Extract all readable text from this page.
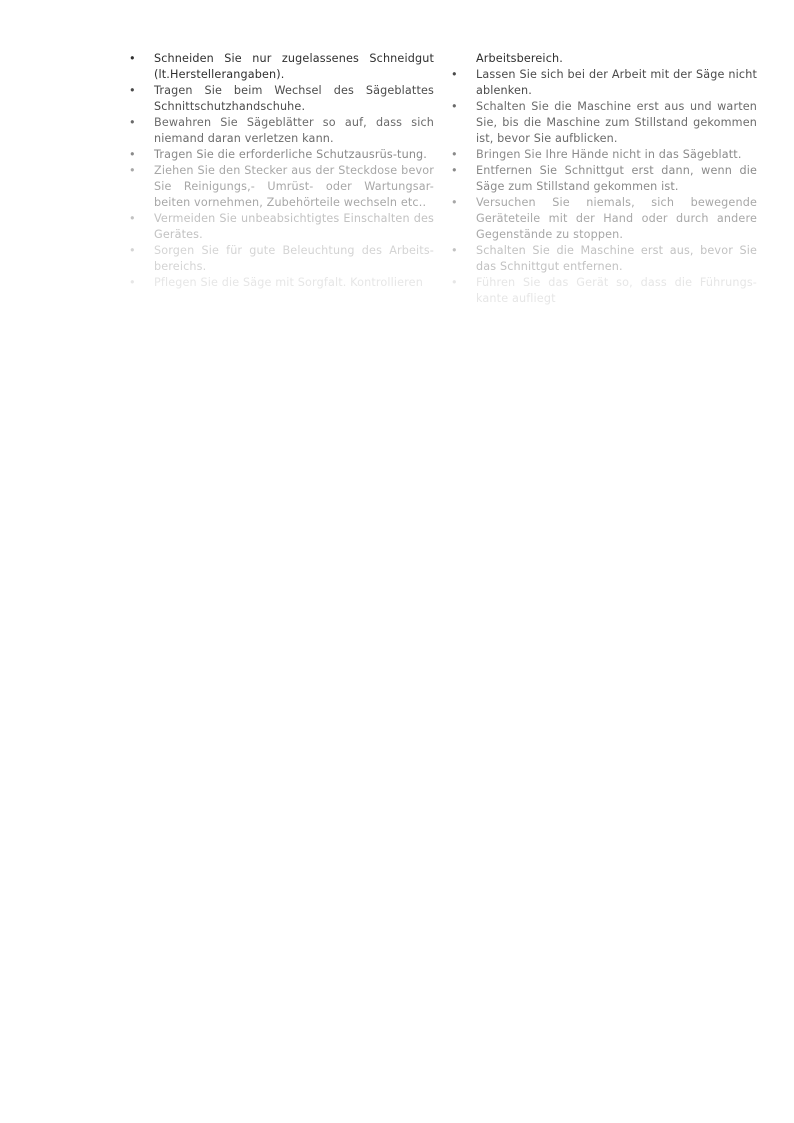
• Schneiden Sie nur zugelassenes Schneidgut (lt.Herstellerangaben).
• Tragen Sie beim Wechsel des Sägeblattes Schnittschutzhandschuhe.
• Bewahren Sie Sägeblätter so auf, dass sich niemand daran verletzen kann.
• Tragen Sie die erforderliche Schutzausrüs-tung.
• Ziehen Sie den Stecker aus der Steckdose bevor Sie Reinigungs,- Umrüst- oder Wartungsar-beiten vornehmen, Zubehörteile wechseln etc..
• Vermeiden Sie unbeabsichtigtes Einschalten des Gerätes.
• Sorgen Sie für gute Beleuchtung des Arbeits-bereichs.
• Pflegen Sie die Säge mit Sorgfalt. Kontrollieren
Arbeitsbereich.
• Lassen Sie sich bei der Arbeit mit der Säge nicht ablenken.
• Schalten Sie die Maschine erst aus und warten Sie, bis die Maschine zum Stillstand gekommen ist, bevor Sie aufblicken.
• Bringen Sie Ihre Hände nicht in das Sägeblatt.
• Entfernen Sie Schnittgut erst dann, wenn die Säge zum Stillstand gekommen ist.
• Versuchen Sie niemals, sich bewegende Geräteteile mit der Hand oder durch andere Gegenstände zu stoppen.
• Schalten Sie die Maschine erst aus, bevor Sie das Schnittgut entfernen.
• Führen Sie das Gerät so, dass die Führungs-kante aufliegt
